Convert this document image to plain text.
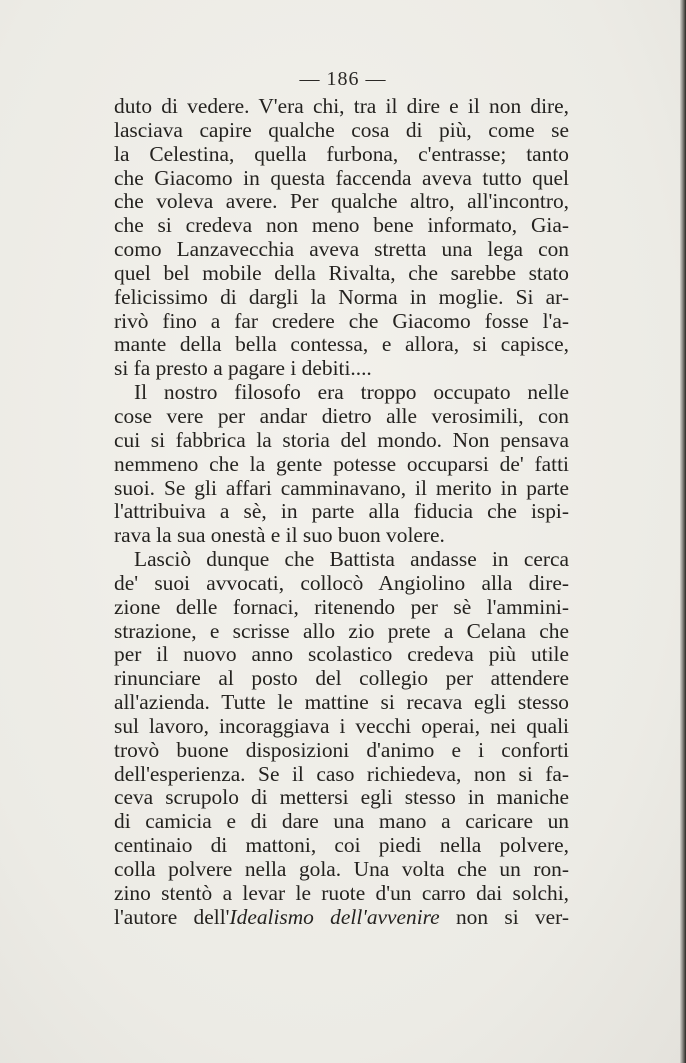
— 186 —
duto di vedere. V'era chi, tra il dire e il non dire,
lasciava capire qualche cosa di più, come se
la Celestina, quella furbona, c'entrasse; tanto
che Giacomo in questa faccenda aveva tutto quel
che voleva avere. Per qualche altro, all'incontro,
che si credeva non meno bene informato, Gia-
como Lanzavecchia aveva stretta una lega con
quel bel mobile della Rivalta, che sarebbe stato
felicissimo di dargli la Norma in moglie. Si ar-
rivò fino a far credere che Giacomo fosse l'a-
mante della bella contessa, e allora, si capisce,
si fa presto a pagare i debiti....
Il nostro filosofo era troppo occupato nelle
cose vere per andar dietro alle verosimili, con
cui si fabbrica la storia del mondo. Non pensava
nemmeno che la gente potesse occuparsi de' fatti
suoi. Se gli affari camminavano, il merito in parte
l'attribuiva a sè, in parte alla fiducia che ispi-
rava la sua onestà e il suo buon volere.
Lasciò dunque che Battista andasse in cerca
de' suoi avvocati, collocò Angiolino alla dire-
zione delle fornaci, ritenendo per sè l'ammini-
strazione, e scrisse allo zio prete a Celana che
per il nuovo anno scolastico credeva più utile
rinunciare al posto del collegio per attendere
all'azienda. Tutte le mattine si recava egli stesso
sul lavoro, incoraggiava i vecchi operai, nei quali
trovò buone disposizioni d'animo e i conforti
dell'esperienza. Se il caso richiedeva, non si fa-
ceva scrupolo di mettersi egli stesso in maniche
di camicia e di dare una mano a caricare un
centinaio di mattoni, coi piedi nella polvere,
colla polvere nella gola. Una volta che un ron-
zino stentò a levar le ruote d'un carro dai solchi,
l'autore dell'Idealismo dell'avvenire non si ver-
